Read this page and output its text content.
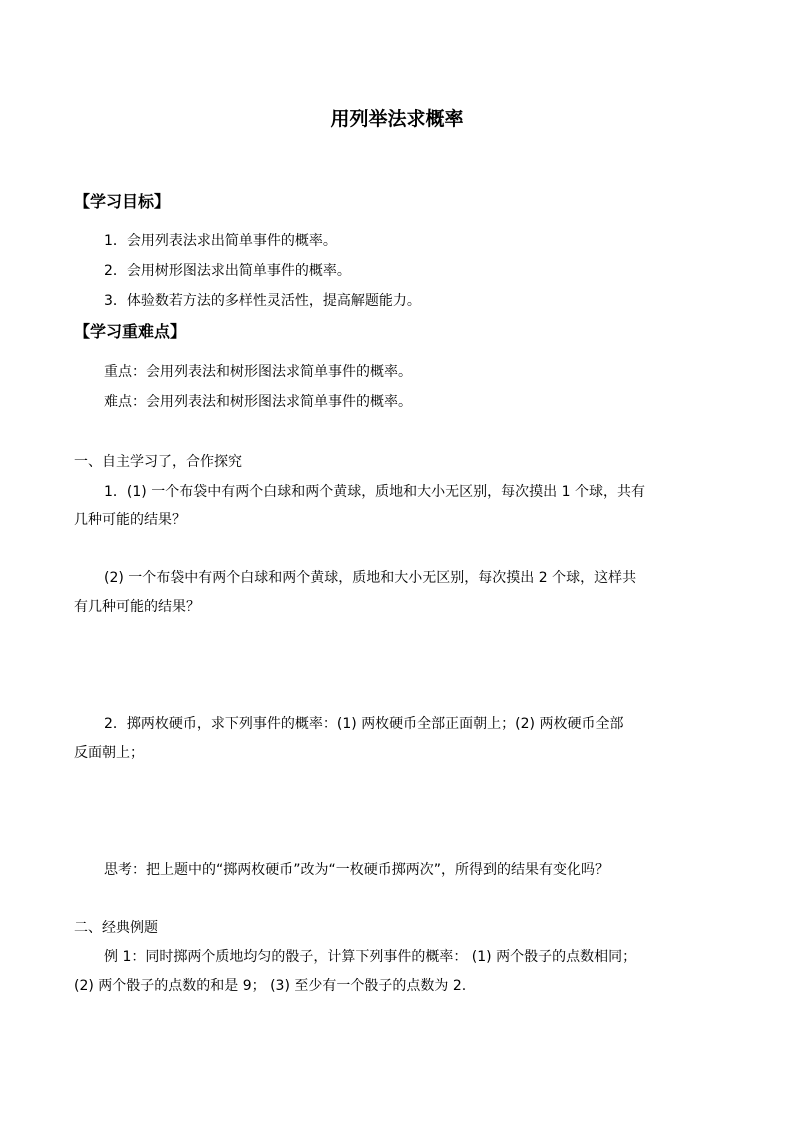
用列举法求概率
【学习目标】
1．会用列表法求出简单事件的概率。
2．会用树形图法求出简单事件的概率。
3．体验数若方法的多样性灵活性，提高解题能力。
【学习重难点】
重点：会用列表法和树形图法求简单事件的概率。
难点：会用列表法和树形图法求简单事件的概率。
一、自主学习了，合作探究
1．(1) 一个布袋中有两个白球和两个黄球，质地和大小无区别，每次摸出 1 个球，共有
几种可能的结果？
(2) 一个布袋中有两个白球和两个黄球，质地和大小无区别，每次摸出 2 个球，这样共
有几种可能的结果？
2．掷两枚硬币，求下列事件的概率：(1) 两枚硬币全部正面朝上；(2) 两枚硬币全部
反面朝上；
思考：把上题中的“掷两枚硬币”改为“一枚硬币掷两次”，所得到的结果有变化吗？
二、经典例题
例 1：同时掷两个质地均匀的骰子，计算下列事件的概率： (1) 两个骰子的点数相同；
(2) 两个骰子的点数的和是 9； (3) 至少有一个骰子的点数为 2.
